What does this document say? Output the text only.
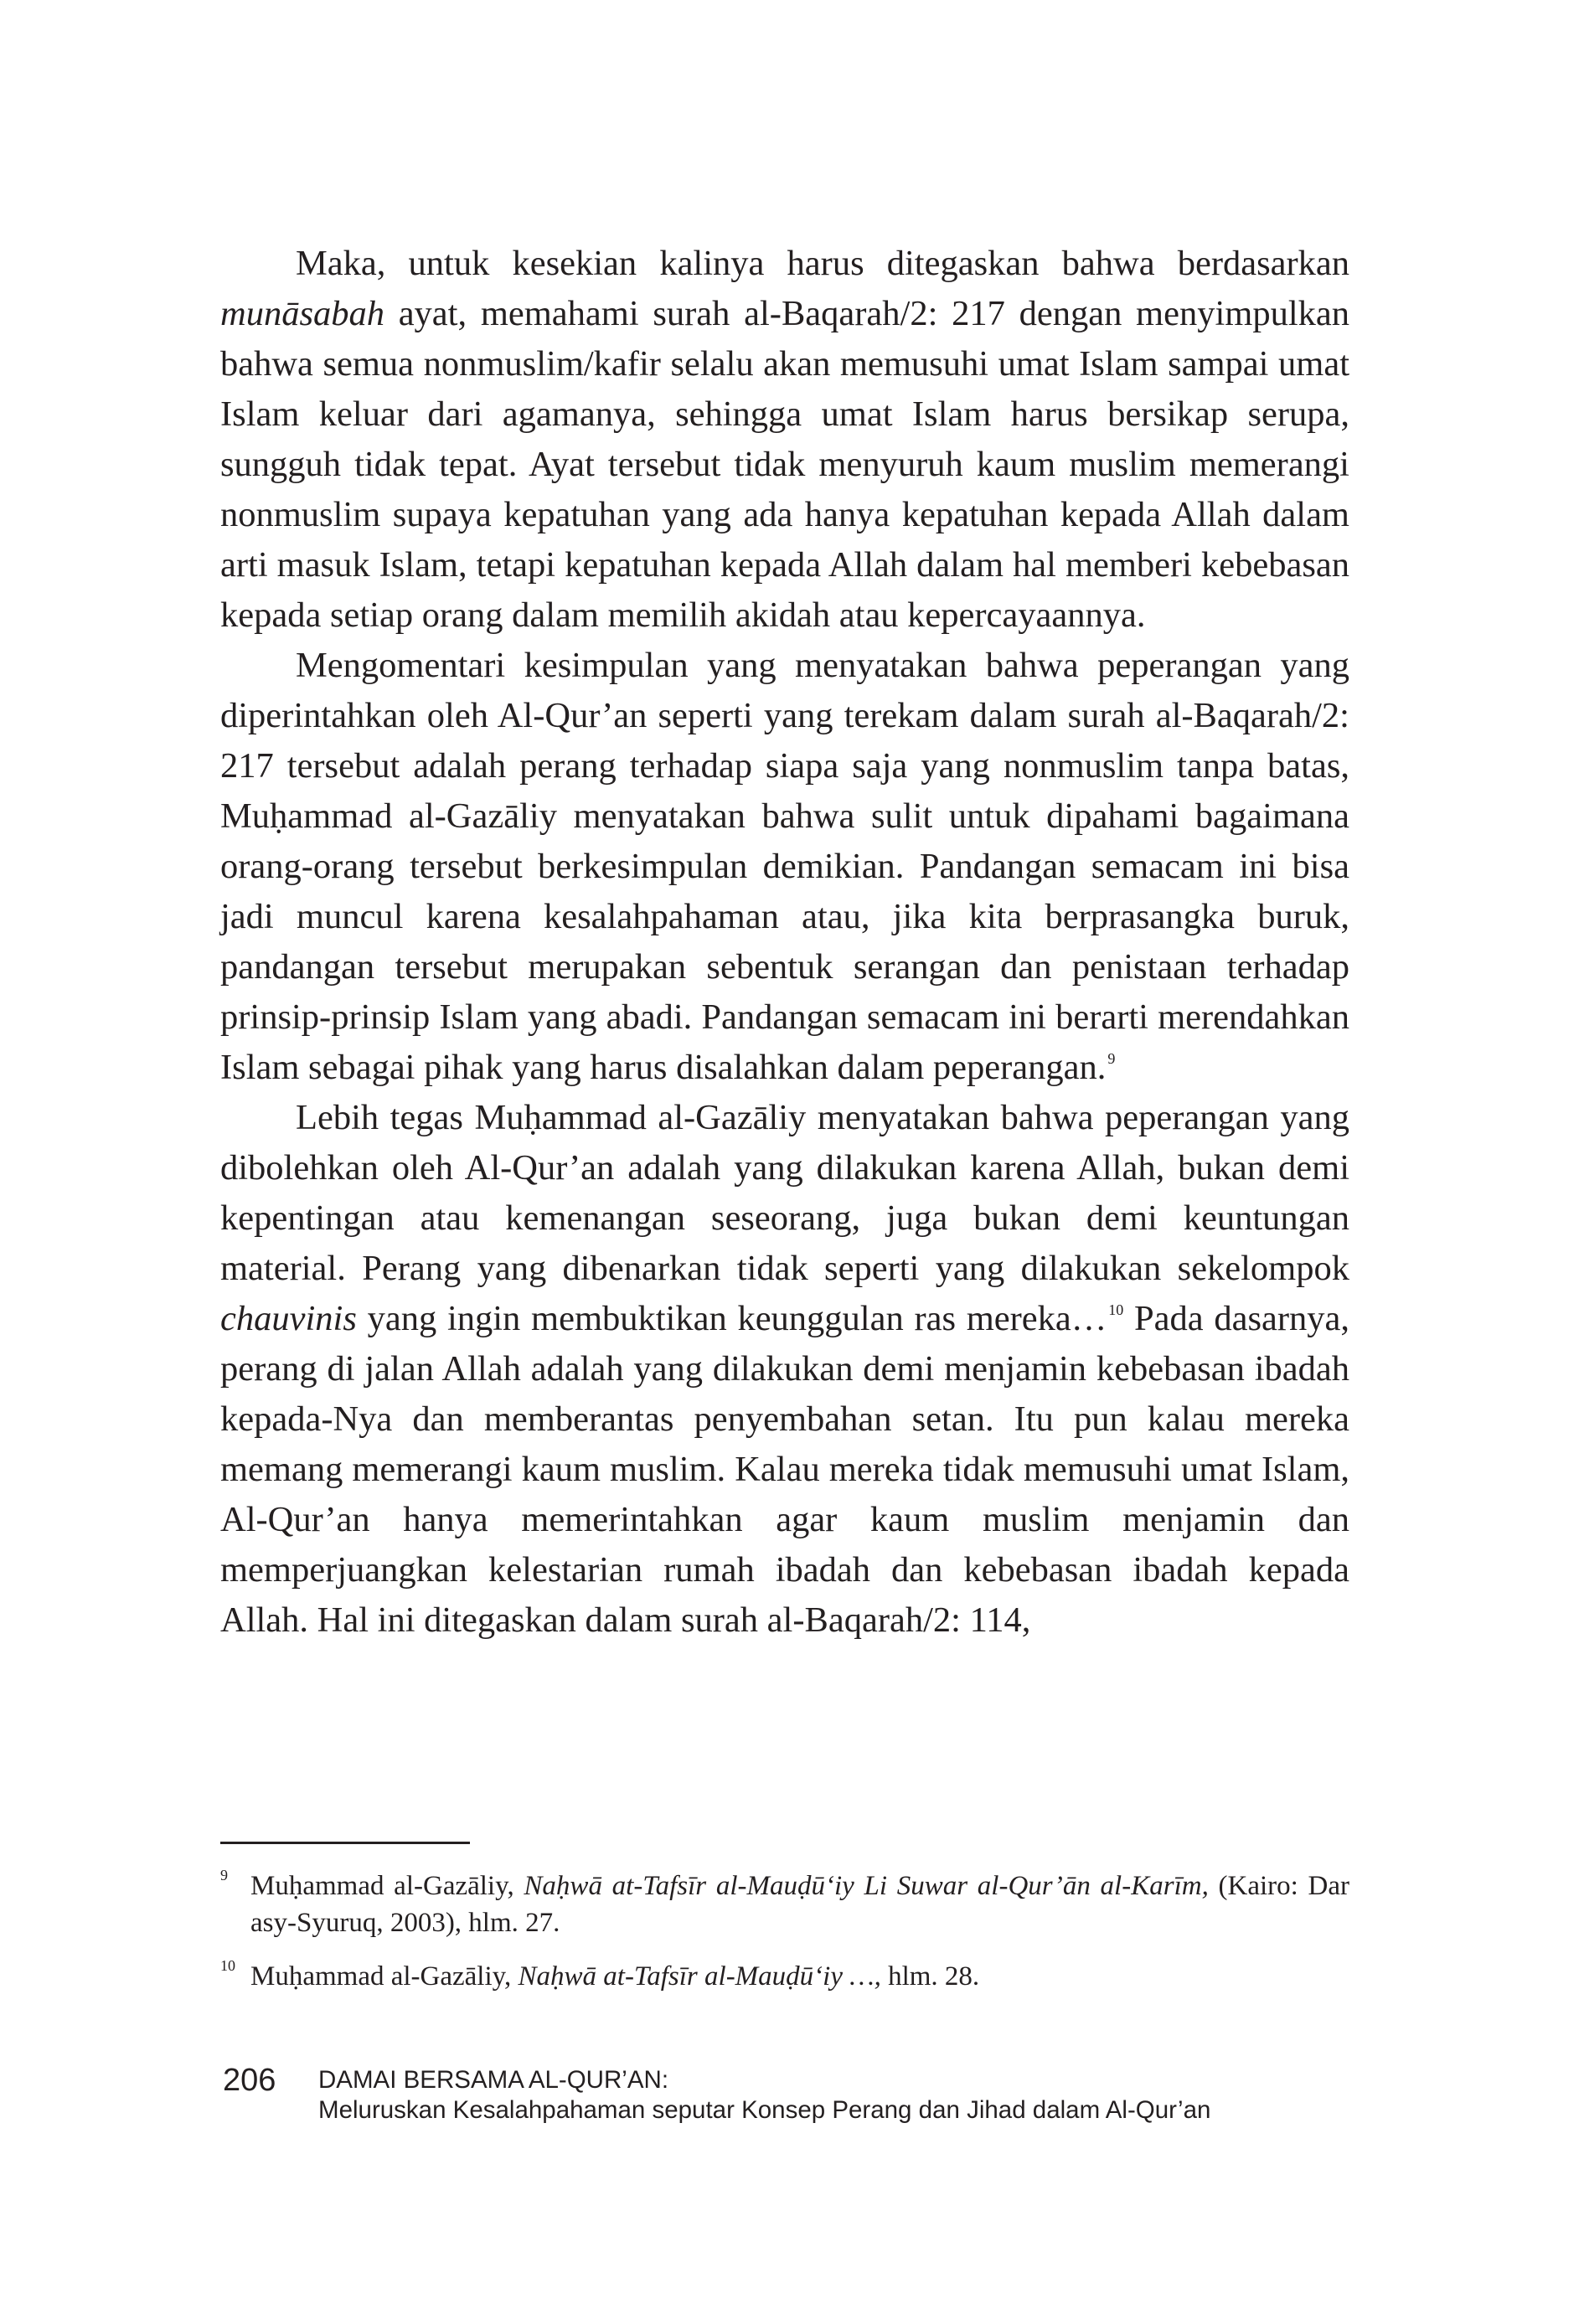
Maka, untuk kesekian kalinya harus ditegaskan bahwa berdasarkan munāsabah ayat, memahami surah al-Baqarah/2: 217 dengan menyimpulkan bahwa semua nonmuslim/kafir selalu akan memusuhi umat Islam sampai umat Islam keluar dari agamanya, sehingga umat Islam harus bersikap serupa, sungguh tidak tepat. Ayat tersebut tidak menyuruh kaum muslim memerangi nonmuslim supaya kepatuhan yang ada hanya kepatuhan kepada Allah dalam arti masuk Islam, tetapi kepatuhan kepada Allah dalam hal memberi kebebasan kepada setiap orang dalam memilih akidah atau kepercayaannya.

Mengomentari kesimpulan yang menyatakan bahwa peperangan yang diperintahkan oleh Al-Qur’an seperti yang terekam dalam surah al-Baqarah/2: 217 tersebut adalah perang terhadap siapa saja yang nonmuslim tanpa batas, Muḥammad al-Gazāliy menyatakan bahwa sulit untuk dipahami bagaimana orang-orang tersebut berkesimpulan demikian. Pandangan semacam ini bisa jadi muncul karena kesalahpahaman atau, jika kita berprasangka buruk, pandangan tersebut merupakan sebentuk serangan dan penistaan terhadap prinsip-prinsip Islam yang abadi. Pandangan semacam ini berarti merendahkan Islam sebagai pihak yang harus disalahkan dalam peperangan. $^9$

Lebih tegas Muḥammad al-Gazāliy menyatakan bahwa peperangan yang dibolehkan oleh Al-Qur’an adalah yang dilakukan karena Allah, bukan demi kepentingan atau kemenangan seseorang, juga bukan demi keuntungan material. Perang yang dibenarkan tidak seperti yang dilakukan sekelompok chauvinis yang ingin membuktikan keunggulan ras mereka… $^{10}$ Pada dasarnya, perang di jalan Allah adalah yang dilakukan demi menjamin kebebasan ibadah kepada-Nya dan memberantas penyembahan setan. Itu pun kalau mereka memang memerangi kaum muslim. Kalau mereka tidak memusuhi umat Islam, Al-Qur’an hanya memerintahkan agar kaum muslim menjamin dan memperjuangkan kelestarian rumah ibadah dan kebebasan ibadah kepada Allah. Hal ini ditegaskan dalam surah al-Baqarah/2: 114,

9 Muḥammad al-Gazāliy, Naḥwā at-Tafsīr al-Mauḍū‘iy Li Suwar al-Qur’ān al-Karīm, (Kairo: Dar asy-Syuruq, 2003), hlm. 27.

10 Muḥammad al-Gazāliy, Naḥwā at-Tafsīr al-Mauḍū‘iy …, hlm. 28.

206 DAMAI BERSAMA AL-QUR’AN:
Meluruskan Kesalahpahaman seputar Konsep Perang dan Jihad dalam Al-Qur’an
